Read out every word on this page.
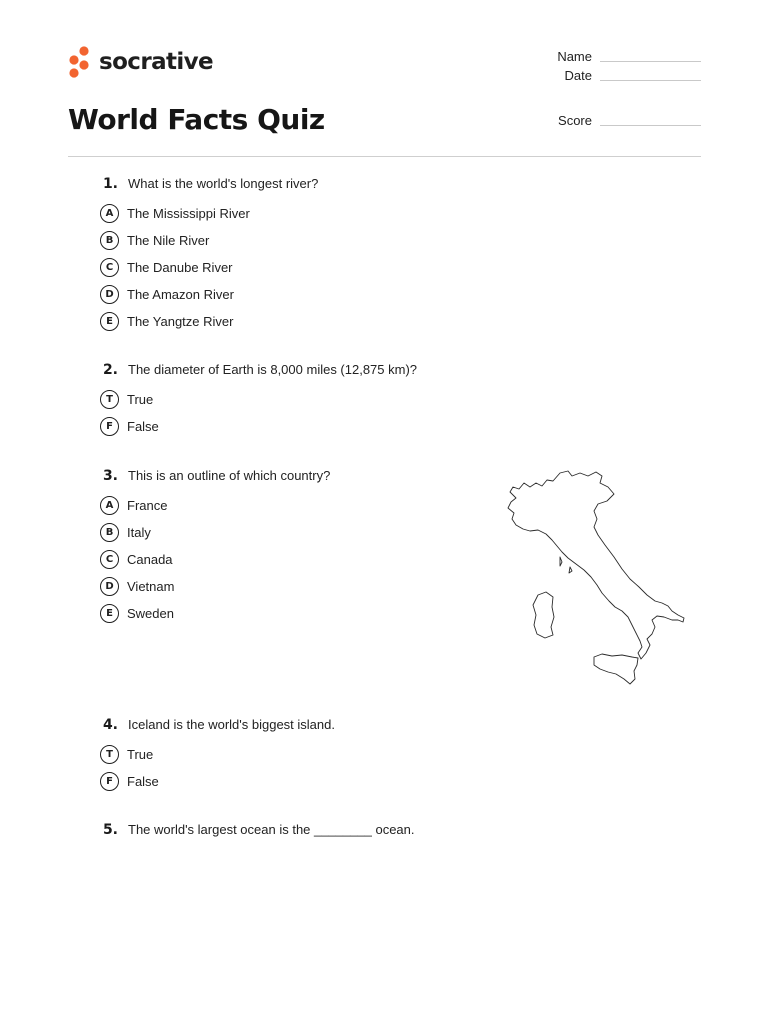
socrative
World Facts Quiz
Name
Date
Score
1. What is the world's longest river?
A	The Mississippi River
B	The Nile River
C	The Danube River
D	The Amazon River
E	The Yangtze River
2. The diameter of Earth is 8,000 miles (12,875 km)?
T	True
F	False
3. This is an outline of which country?
A	France
B	Italy
C	Canada
D	Vietnam
E	Sweden
4. Iceland is the world's biggest island.
T	True
F	False
5. The world's largest ocean is the ________ ocean.
